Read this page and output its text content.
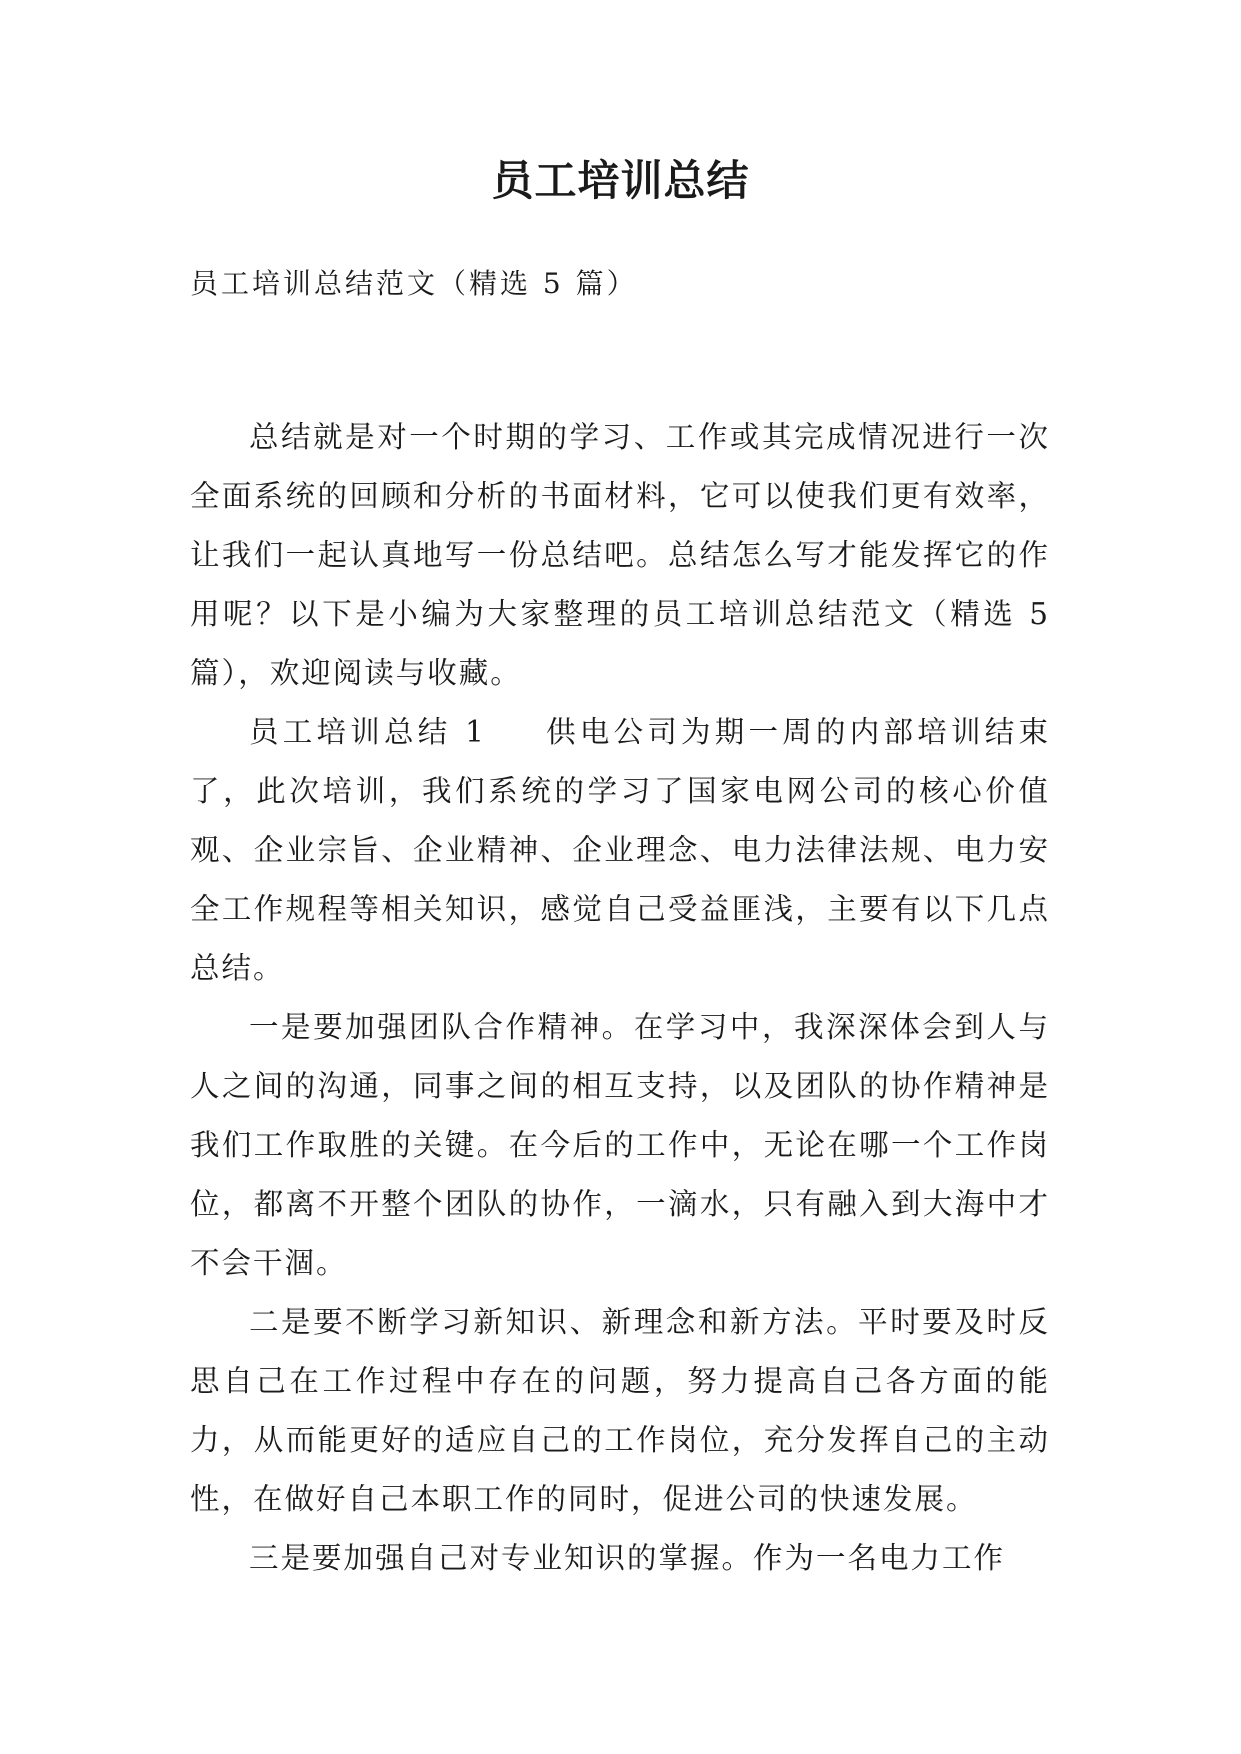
员工培训总结

员工培训总结范文（精选 5 篇）

总结就是对一个时期的学习、工作或其完成情况进行一次全面系统的回顾和分析的书面材料，它可以使我们更有效率，让我们一起认真地写一份总结吧。总结怎么写才能发挥它的作用呢？以下是小编为大家整理的员工培训总结范文（精选 5 篇），欢迎阅读与收藏。

员工培训总结 1 供电公司为期一周的内部培训结束了，此次培训，我们系统的学习了国家电网公司的核心价值观、企业宗旨、企业精神、企业理念、电力法律法规、电力安全工作规程等相关知识，感觉自己受益匪浅，主要有以下几点总结。

一是要加强团队合作精神。在学习中，我深深体会到人与人之间的沟通，同事之间的相互支持，以及团队的协作精神是我们工作取胜的关键。在今后的工作中，无论在哪一个工作岗位，都离不开整个团队的协作，一滴水，只有融入到大海中才不会干涸。

二是要不断学习新知识、新理念和新方法。平时要及时反思自己在工作过程中存在的问题，努力提高自己各方面的能力，从而能更好的适应自己的工作岗位，充分发挥自己的主动性，在做好自己本职工作的同时，促进公司的快速发展。

三是要加强自己对专业知识的掌握。作为一名电力工作
